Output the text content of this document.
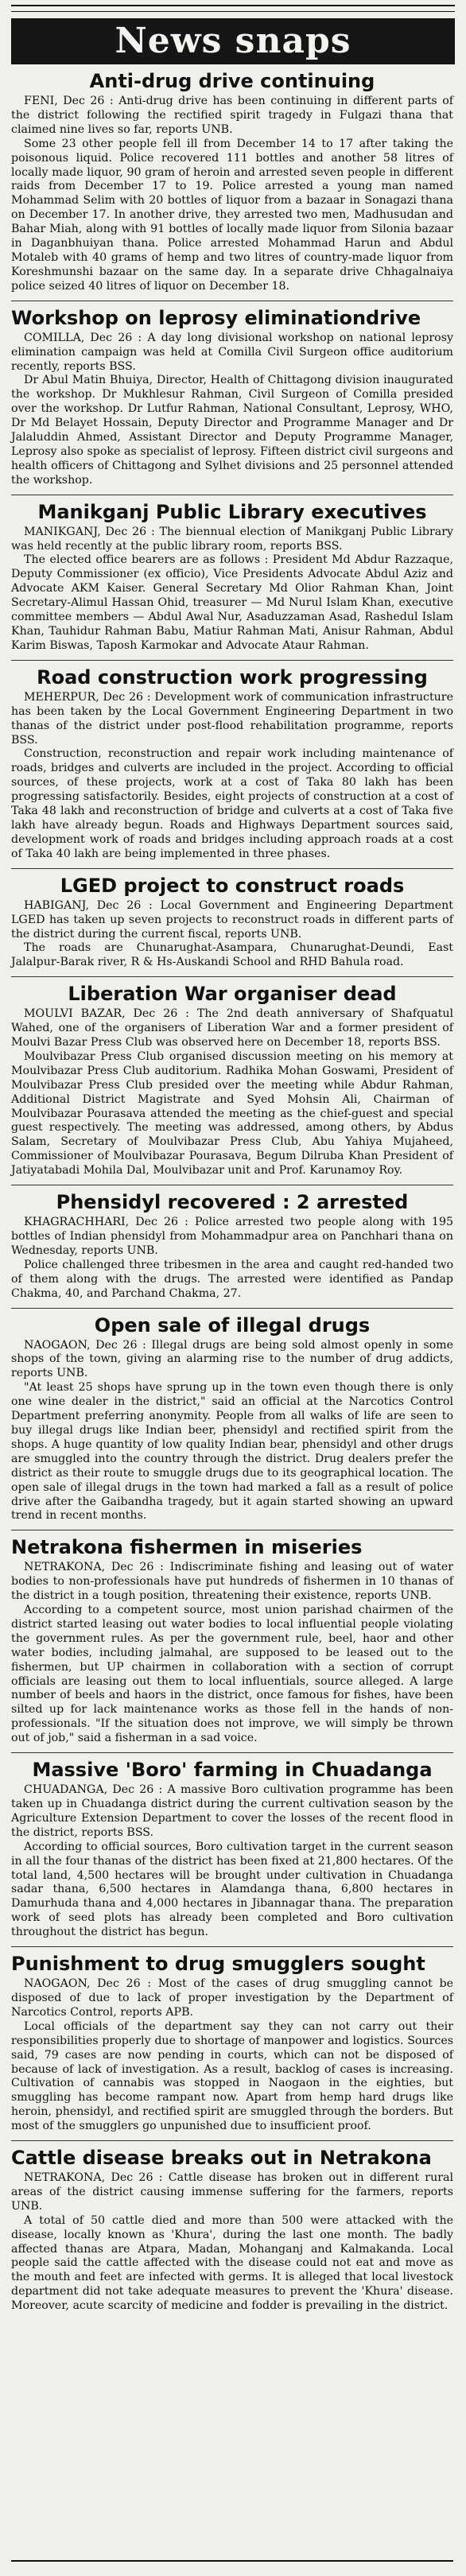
News snaps
Anti-drug drive continuing

FENI, Dec 26 : Anti-drug drive has been continuing in different parts of the district following the rectified spirit tragedy in Fulgazi thana that claimed nine lives so far, reports UNB.

Some 23 other people fell ill from December 14 to 17 after taking the poisonous liquid. Police recovered 111 bottles and another 58 litres of locally made liquor, 90 gram of heroin and arrested seven people in different raids from December 17 to 19. Police arrested a young man named Mohammad Selim with 20 bottles of liquor from a bazaar in Sonagazi thana on December 17. In another drive, they arrested two men, Madhusudan and Bahar Miah, along with 91 bottles of locally made liquor from Silonia bazaar in Daganbhuiyan thana. Police arrested Mohammad Harun and Abdul Motaleb with 40 grams of hemp and two litres of country-made liquor from Koreshmunshi bazaar on the same day. In a separate drive Chhagalnaiya police seized 40 litres of liquor on December 18.

Workshop on leprosy eliminationdrive

COMILLA, Dec 26 : A day long divisional workshop on national leprosy elimination campaign was held at Comilla Civil Surgeon office auditorium recently, reports BSS.

Dr Abul Matin Bhuiya, Director, Health of Chittagong division inaugurated the workshop. Dr Mukhlesur Rahman, Civil Surgeon of Comilla presided over the workshop. Dr Lutfur Rahman, National Consultant, Leprosy, WHO, Dr Md Belayet Hossain, Deputy Director and Programme Manager and Dr Jalaluddin Ahmed, Assistant Director and Deputy Programme Manager, Leprosy also spoke as specialist of leprosy. Fifteen district civil surgeons and health officers of Chittagong and Sylhet divisions and 25 personnel attended the workshop.

Manikganj Public Library executives

MANIKGANJ, Dec 26 : The biennual election of Manikganj Public Library was held recently at the public library room, reports BSS.

The elected office bearers are as follows : President Md Abdur Razzaque, Deputy Commissioner (ex officio), Vice Presidents Advocate Abdul Aziz and Advocate AKM Kaiser. General Secretary Md Olior Rahman Khan, Joint Secretary-Alimul Hassan Ohid, treasurer — Md Nurul Islam Khan, executive committee members — Abdul Awal Nur, Asaduzzaman Asad, Rashedul Islam Khan, Tauhidur Rahman Babu, Matiur Rahman Mati, Anisur Rahman, Abdul Karim Biswas, Taposh Karmokar and Advocate Ataur Rahman.

Road construction work progressing

MEHERPUR, Dec 26 : Development work of communication infrastructure has been taken by the Local Government Engineering Department in two thanas of the district under post-flood rehabilitation programme, reports BSS.

Construction, reconstruction and repair work including maintenance of roads, bridges and culverts are included in the project. According to official sources, of these projects, work at a cost of Taka 80 lakh has been progressing satisfactorily. Besides, eight projects of construction at a cost of Taka 48 lakh and reconstruction of bridge and culverts at a cost of Taka five lakh have already begun. Roads and Highways Department sources said, development work of roads and bridges including approach roads at a cost of Taka 40 lakh are being implemented in three phases.

LGED project to construct roads

HABIGANJ, Dec 26 : Local Government and Engineering Department LGED has taken up seven projects to reconstruct roads in different parts of the district during the current fiscal, reports UNB.

The roads are Chunarughat-Asampara, Chunarughat-Deundi, East Jalalpur-Barak river, R & Hs-Auskandi School and RHD Bahula road.

Liberation War organiser dead

MOULVI BAZAR, Dec 26 : The 2nd death anniversary of Shafquatul Wahed, one of the organisers of Liberation War and a former president of Moulvi Bazar Press Club was observed here on December 18, reports BSS.

Moulvibazar Press Club organised discussion meeting on his memory at Moulvibazar Press Club auditorium. Radhika Mohan Goswami, President of Moulvibazar Press Club presided over the meeting while Abdur Rahman, Additional District Magistrate and Syed Mohsin Ali, Chairman of Moulvibazar Pourasava attended the meeting as the chief-guest and special guest respectively. The meeting was addressed, among others, by Abdus Salam, Secretary of Moulvibazar Press Club, Abu Yahiya Mujaheed, Commissioner of Moulvibazar Pourasava, Begum Dilruba Khan President of Jatiyatabadi Mohila Dal, Moulvibazar unit and Prof. Karunamoy Roy.

Phensidyl recovered : 2 arrested

KHAGRACHHARI, Dec 26 : Police arrested two people along with 195 bottles of Indian phensidyl from Mohammadpur area on Panchhari thana on Wednesday, reports UNB.

Police challenged three tribesmen in the area and caught red-handed two of them along with the drugs. The arrested were identified as Pandap Chakma, 40, and Parchand Chakma, 27.

Open sale of illegal drugs

NAOGAON, Dec 26 : Illegal drugs are being sold almost openly in some shops of the town, giving an alarming rise to the number of drug addicts, reports UNB.

"At least 25 shops have sprung up in the town even though there is only one wine dealer in the district," said an official at the Narcotics Control Department preferring anonymity. People from all walks of life are seen to buy illegal drugs like Indian beer, phensidyl and rectified spirit from the shops. A huge quantity of low quality Indian bear, phensidyl and other drugs are smuggled into the country through the district. Drug dealers prefer the district as their route to smuggle drugs due to its geographical location. The open sale of illegal drugs in the town had marked a fall as a result of police drive after the Gaibandha tragedy, but it again started showing an upward trend in recent months.

Netrakona fishermen in miseries

NETRAKONA, Dec 26 : Indiscriminate fishing and leasing out of water bodies to non-professionals have put hundreds of fishermen in 10 thanas of the district in a tough position, threatening their existence, reports UNB.

According to a competent source, most union parishad chairmen of the district started leasing out water bodies to local influential people violating the government rules. As per the government rule, beel, haor and other water bodies, including jalmahal, are supposed to be leased out to the fishermen, but UP chairmen in collaboration with a section of corrupt officials are leasing out them to local influentials, source alleged. A large number of beels and haors in the district, once famous for fishes, have been silted up for lack maintenance works as those fell in the hands of non-professionals. "If the situation does not improve, we will simply be thrown out of job," said a fisherman in a sad voice.

Massive 'Boro' farming in Chuadanga

CHUADANGA, Dec 26 : A massive Boro cultivation programme has been taken up in Chuadanga district during the current cultivation season by the Agriculture Extension Department to cover the losses of the recent flood in the district, reports BSS.

According to official sources, Boro cultivation target in the current season in all the four thanas of the district has been fixed at 21,800 hectares. Of the total land, 4,500 hectares will be brought under cultivation in Chuadanga sadar thana, 6,500 hectares in Alamdanga thana, 6,800 hectares in Damurhuda thana and 4,000 hectares in Jibannagar thana. The preparation work of seed plots has already been completed and Boro cultivation throughout the district has begun.

Punishment to drug smugglers sought

NAOGAON, Dec 26 : Most of the cases of drug smuggling cannot be disposed of due to lack of proper investigation by the Department of Narcotics Control, reports APB.

Local officials of the department say they can not carry out their responsibilities properly due to shortage of manpower and logistics. Sources said, 79 cases are now pending in courts, which can not be disposed of because of lack of investigation. As a result, backlog of cases is increasing. Cultivation of cannabis was stopped in Naogaon in the eighties, but smuggling has become rampant now. Apart from hemp hard drugs like heroin, phensidyl, and rectified spirit are smuggled through the borders. But most of the smugglers go unpunished due to insufficient proof.

Cattle disease breaks out in Netrakona

NETRAKONA, Dec 26 : Cattle disease has broken out in different rural areas of the district causing immense suffering for the farmers, reports UNB.

A total of 50 cattle died and more than 500 were attacked with the disease, locally known as 'Khura', during the last one month. The badly affected thanas are Atpara, Madan, Mohanganj and Kalmakanda. Local people said the cattle affected with the disease could not eat and move as the mouth and feet are infected with germs. It is alleged that local livestock department did not take adequate measures to prevent the 'Khura' disease. Moreover, acute scarcity of medicine and fodder is prevailing in the district.
